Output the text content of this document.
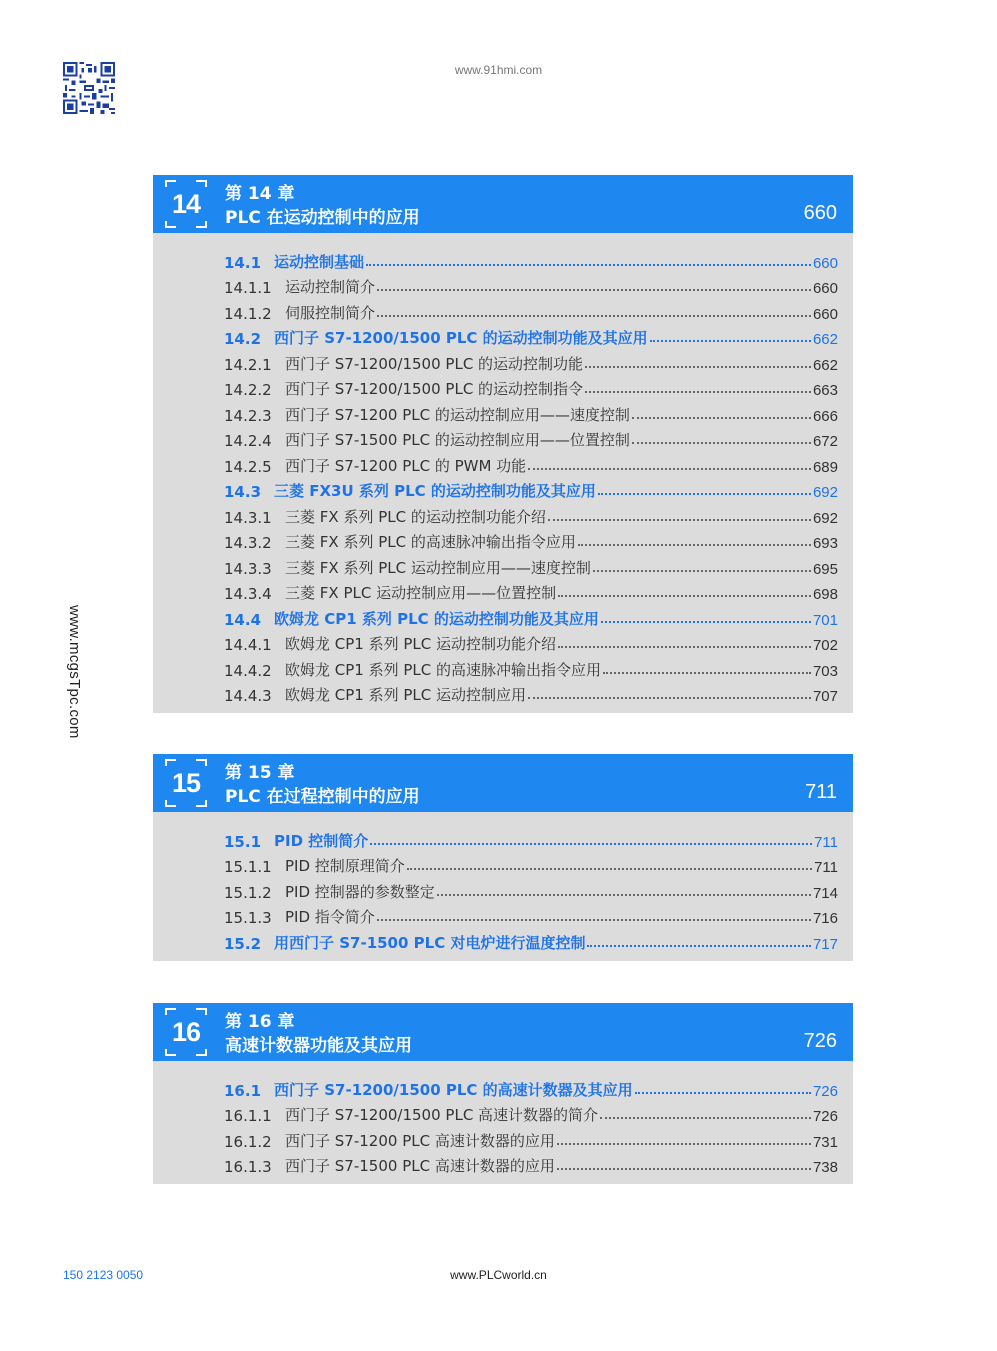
www.91hmi.com
www.mcgsTpc.com
14 第 14 章
PLC 在运动控制中的应用	660
14.1 运动控制基础	660
14.1.1 运动控制简介	660
14.1.2 伺服控制简介	660
14.2 西门子 S7-1200/1500 PLC 的运动控制功能及其应用	662
14.2.1 西门子 S7-1200/1500 PLC 的运动控制功能	662
14.2.2 西门子 S7-1200/1500 PLC 的运动控制指令	663
14.2.3 西门子 S7-1200 PLC 的运动控制应用——速度控制	666
14.2.4 西门子 S7-1500 PLC 的运动控制应用——位置控制	672
14.2.5 西门子 S7-1200 PLC 的 PWM 功能	689
14.3 三菱 FX3U 系列 PLC 的运动控制功能及其应用	692
14.3.1 三菱 FX 系列 PLC 的运动控制功能介绍	692
14.3.2 三菱 FX 系列 PLC 的高速脉冲输出指令应用	693
14.3.3 三菱 FX 系列 PLC 运动控制应用——速度控制	695
14.3.4 三菱 FX PLC 运动控制应用——位置控制	698
14.4 欧姆龙 CP1 系列 PLC 的运动控制功能及其应用	701
14.4.1 欧姆龙 CP1 系列 PLC 运动控制功能介绍	702
14.4.2 欧姆龙 CP1 系列 PLC 的高速脉冲输出指令应用	703
14.4.3 欧姆龙 CP1 系列 PLC 运动控制应用	707
15 第 15 章
PLC 在过程控制中的应用	711
15.1 PID 控制简介	711
15.1.1 PID 控制原理简介	711
15.1.2 PID 控制器的参数整定	714
15.1.3 PID 指令简介	716
15.2 用西门子 S7-1500 PLC 对电炉进行温度控制	717
16 第 16 章
高速计数器功能及其应用	726
16.1 西门子 S7-1200/1500 PLC 的高速计数器及其应用	726
16.1.1 西门子 S7-1200/1500 PLC 高速计数器的简介	726
16.1.2 西门子 S7-1200 PLC 高速计数器的应用	731
16.1.3 西门子 S7-1500 PLC 高速计数器的应用	738
150 2123 0050	www.PLCworld.cn
